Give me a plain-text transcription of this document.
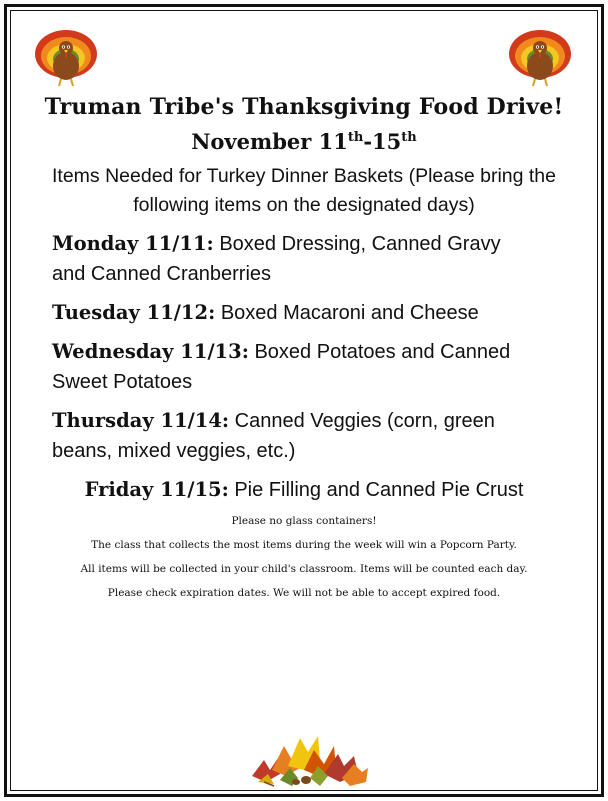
Truman Tribe's Thanksgiving Food Drive!
November 11th-15th
Items Needed for Turkey Dinner Baskets (Please bring the following items on the designated days)
Monday 11/11: Boxed Dressing, Canned Gravy and Canned Cranberries
Tuesday 11/12: Boxed Macaroni and Cheese
Wednesday 11/13: Boxed Potatoes and Canned Sweet Potatoes
Thursday 11/14: Canned Veggies (corn, green beans, mixed veggies, etc.)
Friday 11/15: Pie Filling and Canned Pie Crust

Please no glass containers!

The class that collects the most items during the week will win a Popcorn Party.

All items will be collected in your child's classroom. Items will be counted each day.

Please check expiration dates. We will not be able to accept expired food.
